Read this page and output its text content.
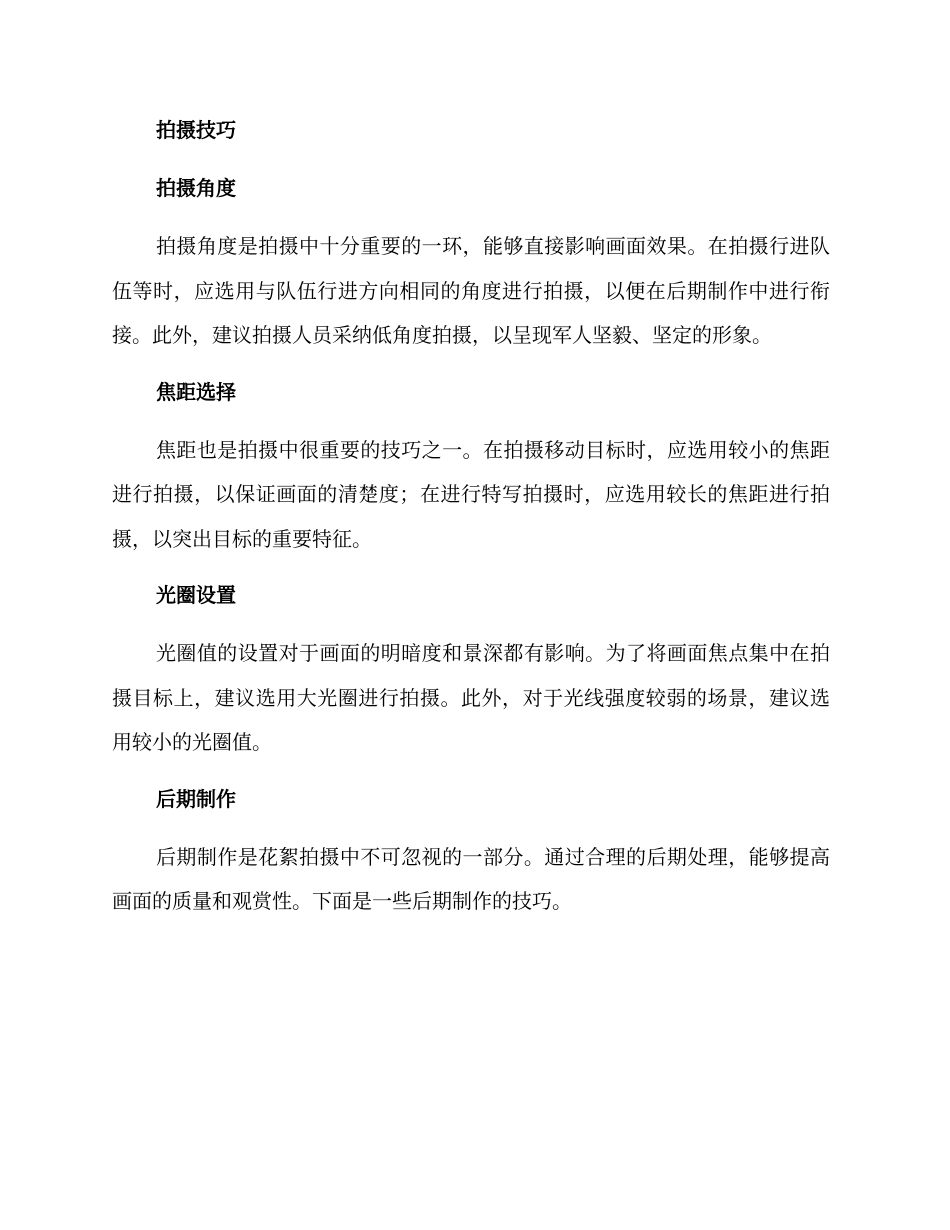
拍摄技巧
拍摄角度

拍摄角度是拍摄中十分重要的一环，能够直接影响画面效果。在拍摄行进队伍等时，应选用与队伍行进方向相同的角度进行拍摄，以便在后期制作中进行衔接。此外，建议拍摄人员采纳低角度拍摄，以呈现军人坚毅、坚定的形象。

焦距选择

焦距也是拍摄中很重要的技巧之一。在拍摄移动目标时，应选用较小的焦距进行拍摄，以保证画面的清楚度；在进行特写拍摄时，应选用较长的焦距进行拍摄，以突出目标的重要特征。

光圈设置

光圈值的设置对于画面的明暗度和景深都有影响。为了将画面焦点集中在拍摄目标上，建议选用大光圈进行拍摄。此外，对于光线强度较弱的场景，建议选用较小的光圈值。

后期制作

后期制作是花絮拍摄中不可忽视的一部分。通过合理的后期处理，能够提高画面的质量和观赏性。下面是一些后期制作的技巧。
